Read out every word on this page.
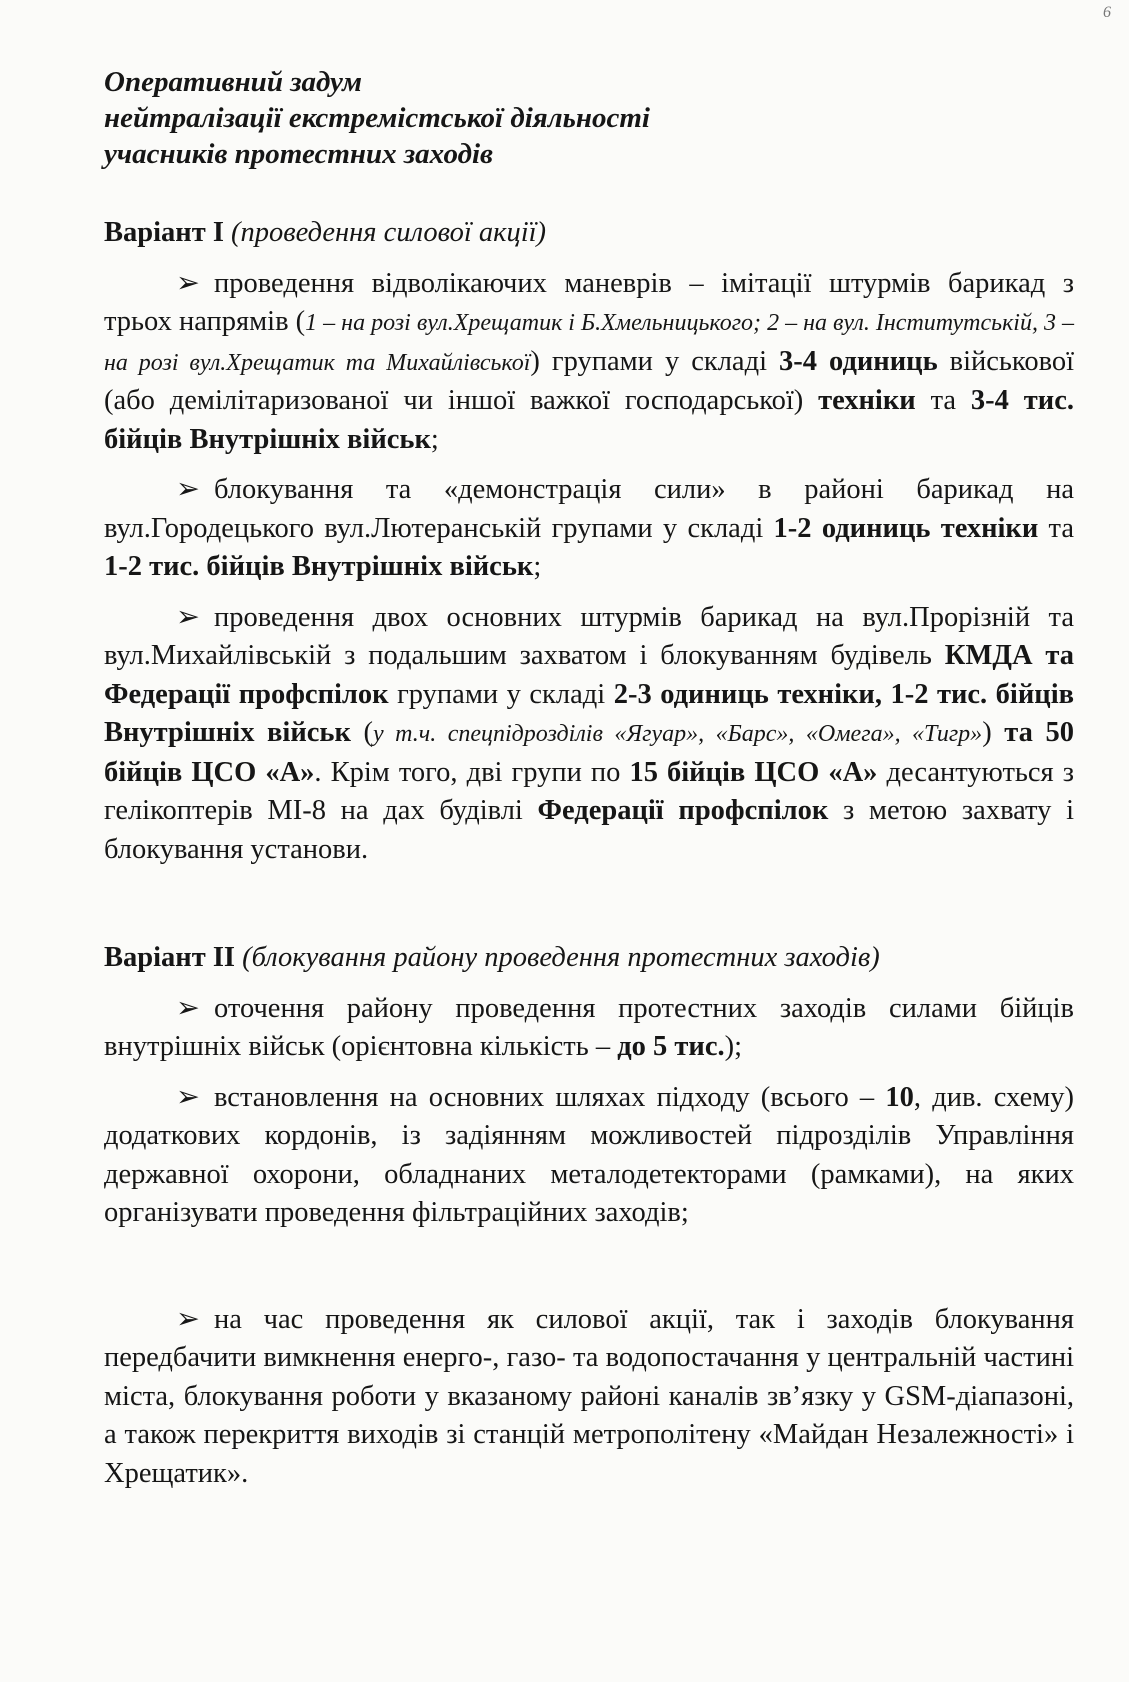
6
Оперативний задум
нейтралізації екстремістської діяльності
учасників протестних заходів
Варіант І (проведення силової акції)

➢ проведення відволікаючих маневрів – імітації штурмів барикад з трьох напрямів (1 – на розі вул.Хрещатик і Б.Хмельницького; 2 – на вул. Інститутській, 3 – на розі вул.Хрещатик та Михайлівської) групами у складі 3-4 одиниць військової (або демілітаризованої чи іншої важкої господарської) техніки та 3-4 тис. бійців Внутрішніх військ;

➢ блокування та «демонстрація сили» в районі барикад на вул.Городецького вул.Лютеранській групами у складі 1-2 одиниць техніки та 1-2 тис. бійців Внутрішніх військ;

➢ проведення двох основних штурмів барикад на вул.Прорізній та вул.Михайлівській з подальшим захватом і блокуванням будівель КМДА та Федерації профспілок групами у складі 2-3 одиниць техніки, 1-2 тис. бійців Внутрішніх військ (у т.ч. спецпідрозділів «Ягуар», «Барс», «Омега», «Тигр») та 50 бійців ЦСО «А». Крім того, дві групи по 15 бійців ЦСО «А» десантуються з гелікоптерів МІ-8 на дах будівлі Федерації профспілок з метою захвату і блокування установи.

Варіант ІІ (блокування району проведення протестних заходів)

➢ оточення району проведення протестних заходів силами бійців внутрішніх військ (орієнтовна кількість – до 5 тис.);

➢ встановлення на основних шляхах підходу (всього – 10, див. схему) додаткових кордонів, із задіянням можливостей підрозділів Управління державної охорони, обладнаних металодетекторами (рамками), на яких організувати проведення фільтраційних заходів;

➢ на час проведення як силової акції, так і заходів блокування передбачити вимкнення енерго-, газо- та водопостачання у центральній частині міста, блокування роботи у вказаному районі каналів зв’язку у GSM-діапазоні, а також перекриття виходів зі станцій метрополітену «Майдан Незалежності» і Хрещатик».
